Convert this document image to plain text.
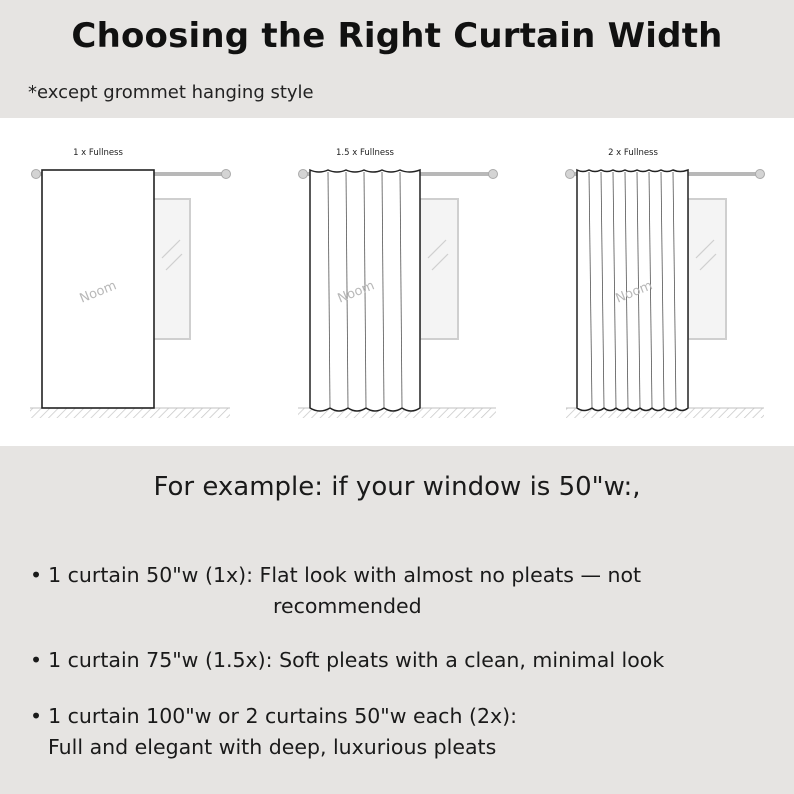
Choosing the Right Curtain Width
*except grommet hanging style
1 x Fullness
Noom
1.5 x Fullness
Noom
2 x Fullness
Noom
For example: if your window is 50"w:,
• 1 curtain 50"w (1x): Flat look with almost no pleats — not
recommended
• 1 curtain 75"w (1.5x): Soft pleats with a clean, minimal look
• 1 curtain 100"w or 2 curtains 50"w each (2x):
Full and elegant with deep, luxurious pleats
